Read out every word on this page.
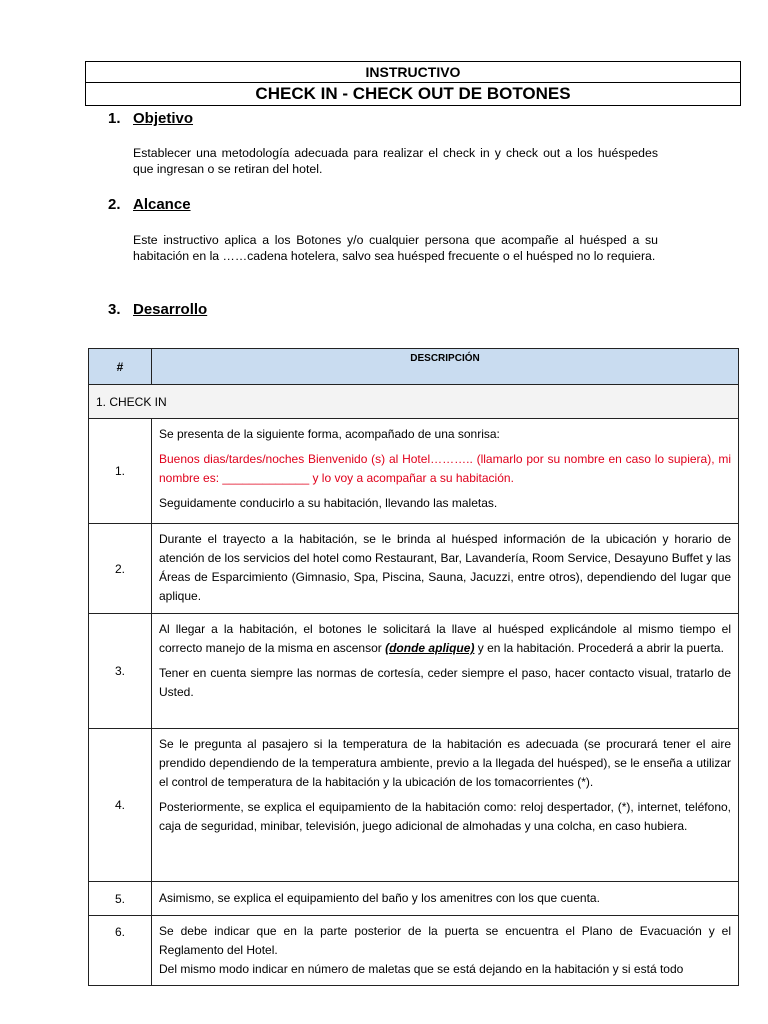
INSTRUCTIVO
CHECK IN - CHECK OUT DE BOTONES
1. Objetivo
Establecer una metodología adecuada para realizar el check in y check out a los huéspedes que ingresan o se retiran del hotel.
2. Alcance
Este instructivo aplica a los Botones y/o cualquier persona que acompañe al huésped a su habitación en la ……cadena hotelera, salvo sea huésped frecuente o el huésped no lo requiera.
3. Desarrollo
#	DESCRIPCIÓN
1. CHECK IN	
1.	Se presenta de la siguiente forma, acompañado de una sonrisa:

Buenos dias/tardes/noches Bienvenido (s) al Hotel……….. (llamarlo por su nombre en caso lo supiera), mi nombre es: _____________ y lo voy a acompañar a su habitación.

Seguidamente conducirlo a su habitación, llevando las maletas.

2.	Durante el trayecto a la habitación, se le brinda al huésped información de la ubicación y horario de atención de los servicios del hotel como Restaurant, Bar, Lavandería, Room Service, Desayuno Buffet y las Áreas de Esparcimiento (Gimnasio, Spa, Piscina, Sauna, Jacuzzi, entre otros), dependiendo del lugar que aplique.

3.	Al llegar a la habitación, el botones le solicitará la llave al huésped explicándole al mismo tiempo el correcto manejo de la misma en ascensor (donde aplique) y en la habitación. Procederá a abrir la puerta.

Tener en cuenta siempre las normas de cortesía, ceder siempre el paso, hacer contacto visual, tratarlo de Usted.

4.	Se le pregunta al pasajero si la temperatura de la habitación es adecuada (se procurará tener el aire prendido dependiendo de la temperatura ambiente, previo a la llegada del huésped), se le enseña a utilizar el control de temperatura de la habitación y la ubicación de los tomacorrientes (*).

Posteriormente, se explica el equipamiento de la habitación como: reloj despertador, (*), internet, teléfono, caja de seguridad, minibar, televisión, juego adicional de almohadas y una colcha, en caso hubiera.

5.	Asimismo, se explica el equipamiento del baño y los amenitres con los que cuenta.

6.	Se debe indicar que en la parte posterior de la puerta se encuentra el Plano de Evacuación y el Reglamento del Hotel.

Del mismo modo indicar en número de maletas que se está dejando en la habitación y si está todo
